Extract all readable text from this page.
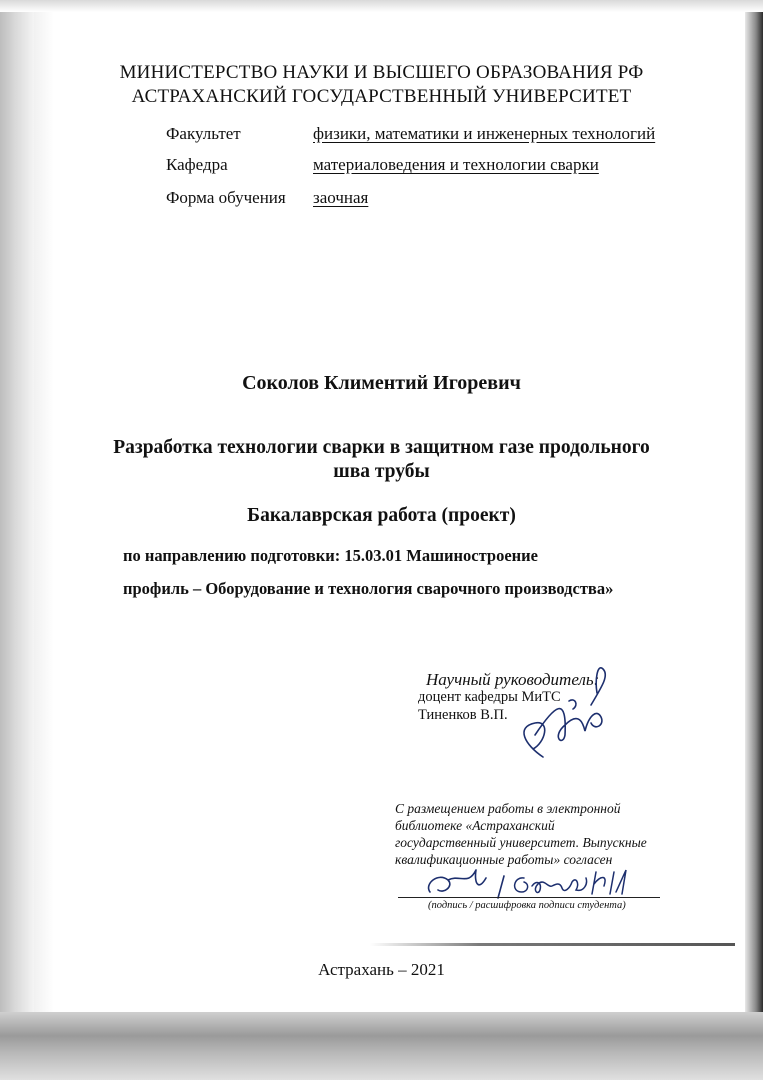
МИНИСТЕРСТВО НАУКИ И ВЫСШЕГО ОБРАЗОВАНИЯ РФ
АСТРАХАНСКИЙ ГОСУДАРСТВЕННЫЙ УНИВЕРСИТЕТ
Факультет	физики, математики и инженерных технологий
Кафедра	материаловедения и технологии сварки
Форма обучения заочная
Соколов Климентий Игоревич
Разработка технологии сварки в защитном газе продольного
шва трубы
Бакалаврская работа (проект)
по направлению подготовки: 15.03.01 Машиностроение
профиль – Оборудование и технология сварочного производства»
Научный руководитель:
доцент кафедры МиТС
Тиненков В.П.
С размещением работы в электронной
библиотеке «Астраханский
государственный университет. Выпускные
квалификационные работы» согласен
(подпись / расшифровка подписи студента)
Астрахань – 2021
